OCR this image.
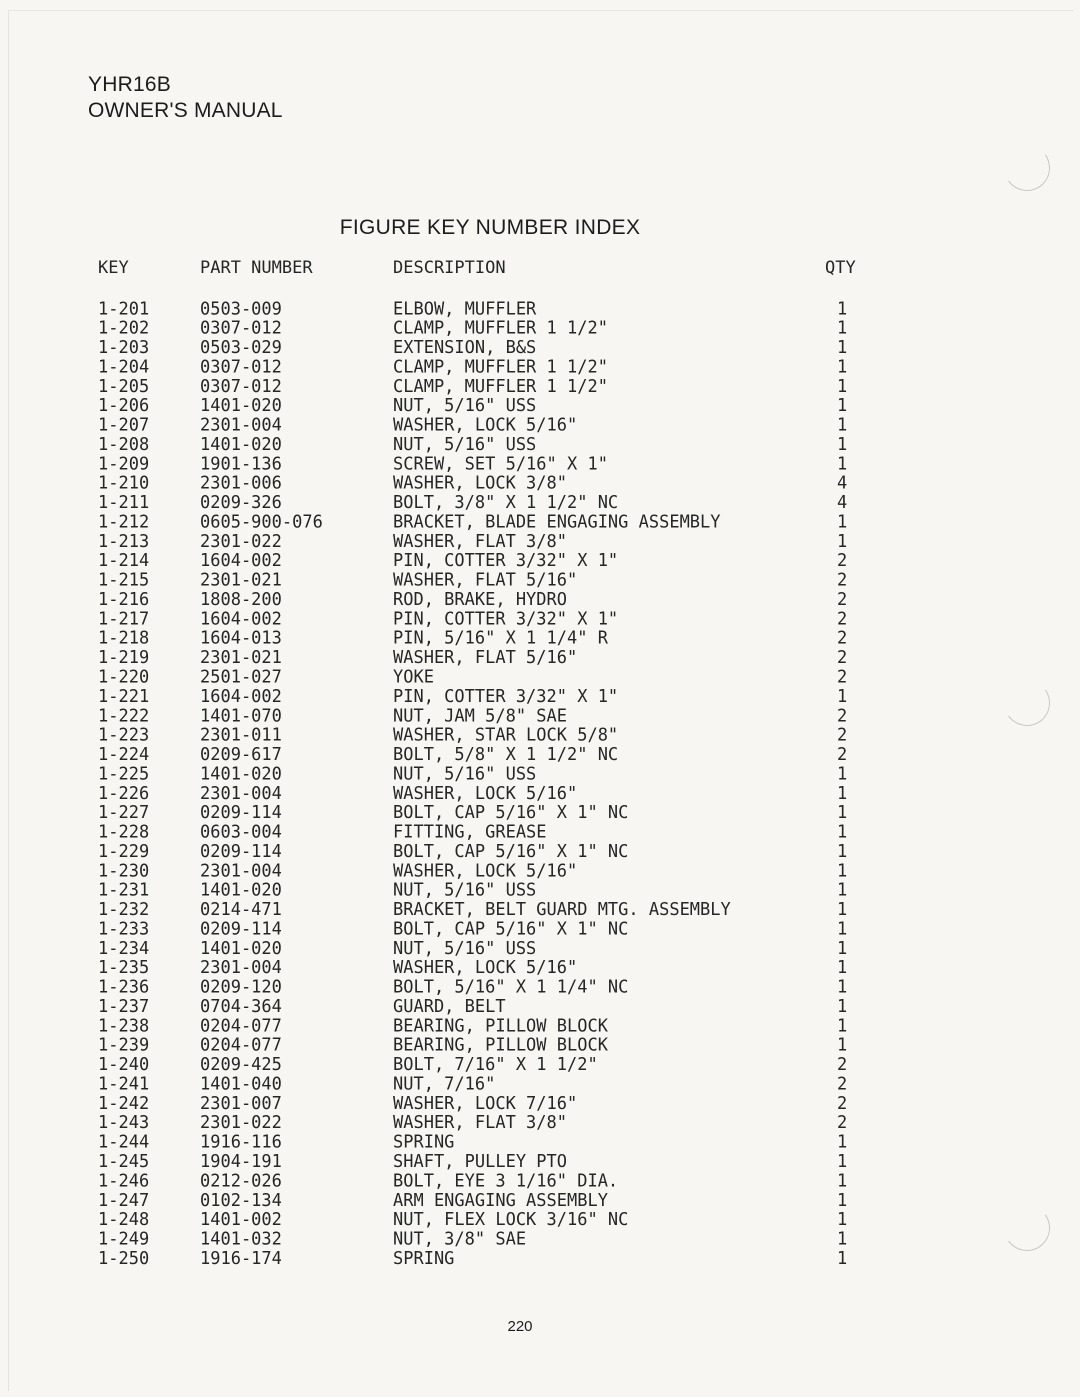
YHR16B
OWNER'S MANUAL
FIGURE KEY NUMBER INDEX
KEY	PART NUMBER	DESCRIPTION	QTY
1-201	0503-009	ELBOW, MUFFLER	1
1-202	0307-012	CLAMP, MUFFLER 1 1/2"	1
1-203	0503-029	EXTENSION, B&S	1
1-204	0307-012	CLAMP, MUFFLER 1 1/2"	1
1-205	0307-012	CLAMP, MUFFLER 1 1/2"	1
1-206	1401-020	NUT, 5/16" USS	1
1-207	2301-004	WASHER, LOCK 5/16"	1
1-208	1401-020	NUT, 5/16" USS	1
1-209	1901-136	SCREW, SET 5/16" X 1"	1
1-210	2301-006	WASHER, LOCK 3/8"	4
1-211	0209-326	BOLT, 3/8" X 1 1/2" NC	4
1-212	0605-900-076	BRACKET, BLADE ENGAGING ASSEMBLY	1
1-213	2301-022	WASHER, FLAT 3/8"	1
1-214	1604-002	PIN, COTTER 3/32" X 1"	2
1-215	2301-021	WASHER, FLAT 5/16"	2
1-216	1808-200	ROD, BRAKE, HYDRO	2
1-217	1604-002	PIN, COTTER 3/32" X 1"	2
1-218	1604-013	PIN, 5/16" X 1 1/4" R	2
1-219	2301-021	WASHER, FLAT 5/16"	2
1-220	2501-027	YOKE	2
1-221	1604-002	PIN, COTTER 3/32" X 1"	1
1-222	1401-070	NUT, JAM 5/8" SAE	2
1-223	2301-011	WASHER, STAR LOCK 5/8"	2
1-224	0209-617	BOLT, 5/8" X 1 1/2" NC	2
1-225	1401-020	NUT, 5/16" USS	1
1-226	2301-004	WASHER, LOCK 5/16"	1
1-227	0209-114	BOLT, CAP 5/16" X 1" NC	1
1-228	0603-004	FITTING, GREASE	1
1-229	0209-114	BOLT, CAP 5/16" X 1" NC	1
1-230	2301-004	WASHER, LOCK 5/16"	1
1-231	1401-020	NUT, 5/16" USS	1
1-232	0214-471	BRACKET, BELT GUARD MTG. ASSEMBLY	1
1-233	0209-114	BOLT, CAP 5/16" X 1" NC	1
1-234	1401-020	NUT, 5/16" USS	1
1-235	2301-004	WASHER, LOCK 5/16"	1
1-236	0209-120	BOLT, 5/16" X 1 1/4" NC	1
1-237	0704-364	GUARD, BELT	1
1-238	0204-077	BEARING, PILLOW BLOCK	1
1-239	0204-077	BEARING, PILLOW BLOCK	1
1-240	0209-425	BOLT, 7/16" X 1 1/2"	2
1-241	1401-040	NUT, 7/16"	2
1-242	2301-007	WASHER, LOCK 7/16"	2
1-243	2301-022	WASHER, FLAT 3/8"	2
1-244	1916-116	SPRING	1
1-245	1904-191	SHAFT, PULLEY PTO	1
1-246	0212-026	BOLT, EYE 3 1/16" DIA.	1
1-247	0102-134	ARM ENGAGING ASSEMBLY	1
1-248	1401-002	NUT, FLEX LOCK 3/16" NC	1
1-249	1401-032	NUT, 3/8" SAE	1
1-250	1916-174	SPRING	1
220
